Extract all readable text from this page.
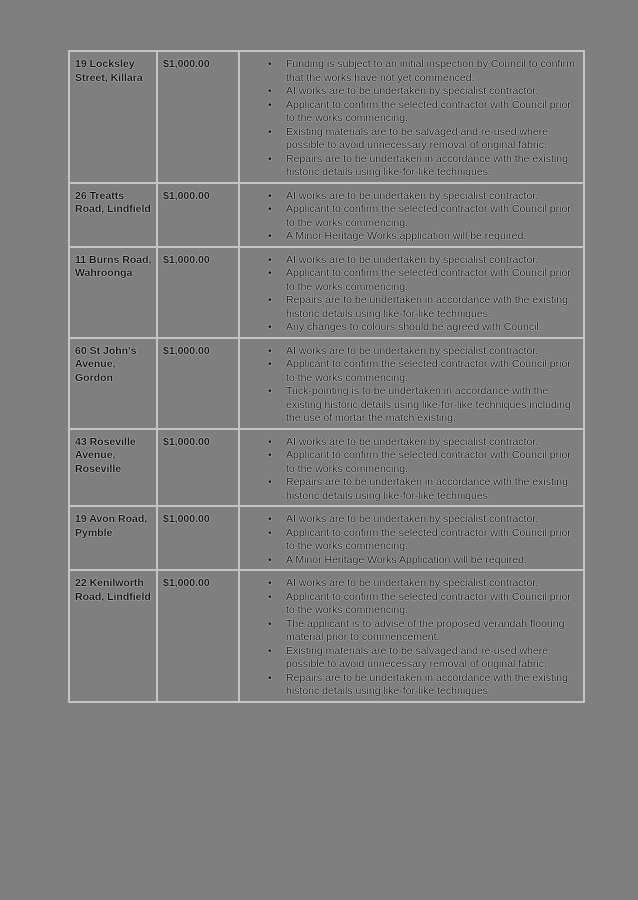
19 Locksley Street, Killara	$1,000.00	• Funding is subject to an initial inspection by Council to confirm that the works have not yet commenced.
• AI works are to be undertaken by specialist contractor.
• Applicant to confirm the selected contractor with Council prior to the works commencing.
• Existing materials are to be salvaged and re-used where possible to avoid unnecessary removal of original fabric.
• Repairs are to be undertaken in accordance with the existing historic details using like-for-like techniques.

26 Treatts Road, Lindfield	$1,000.00	• AI works are to be undertaken by specialist contractor.
• Applicant to confirm the selected contractor with Council prior to the works commencing.
• A Minor Heritage Works application will be required.

11 Burns Road, Wahroonga	$1,000.00	• AI works are to be undertaken by specialist contractor.
• Applicant to confirm the selected contractor with Council prior to the works commencing.
• Repairs are to be undertaken in accordance with the existing historic details using like-for-like techniques.
• Any changes to colours should be agreed with Council.

60 St John's Avenue, Gordon	$1,000.00	• AI works are to be undertaken by specialist contractor.
• Applicant to confirm the selected contractor with Council prior to the works commencing.
• Tuck-pointing is to be undertaken in accordance with the existing historic details using like-for-like techniques including the use of mortar the match existing.

43 Roseville Avenue, Roseville	$1,000.00	• AI works are to be undertaken by specialist contractor.
• Applicant to confirm the selected contractor with Council prior to the works commencing.
• Repairs are to be undertaken in accordance with the existing historic details using like-for-like techniques.

19 Avon Road, Pymble	$1,000.00	• AI works are to be undertaken by specialist contractor.
• Applicant to confirm the selected contractor with Council prior to the works commencing.
• A Minor Heritage Works Application will be required.

22 Kenilworth Road, Lindfield	$1,000.00	• AI works are to be undertaken by specialist contractor.
• Applicant to confirm the selected contractor with Council prior to the works commencing.
• The applicant is to advise of the proposed verandah flooring material prior to commencement.
• Existing materials are to be salvaged and re-used where possible to avoid unnecessary removal of original fabric.
• Repairs are to be undertaken in accordance with the existing historic details using like-for-like techniques.
